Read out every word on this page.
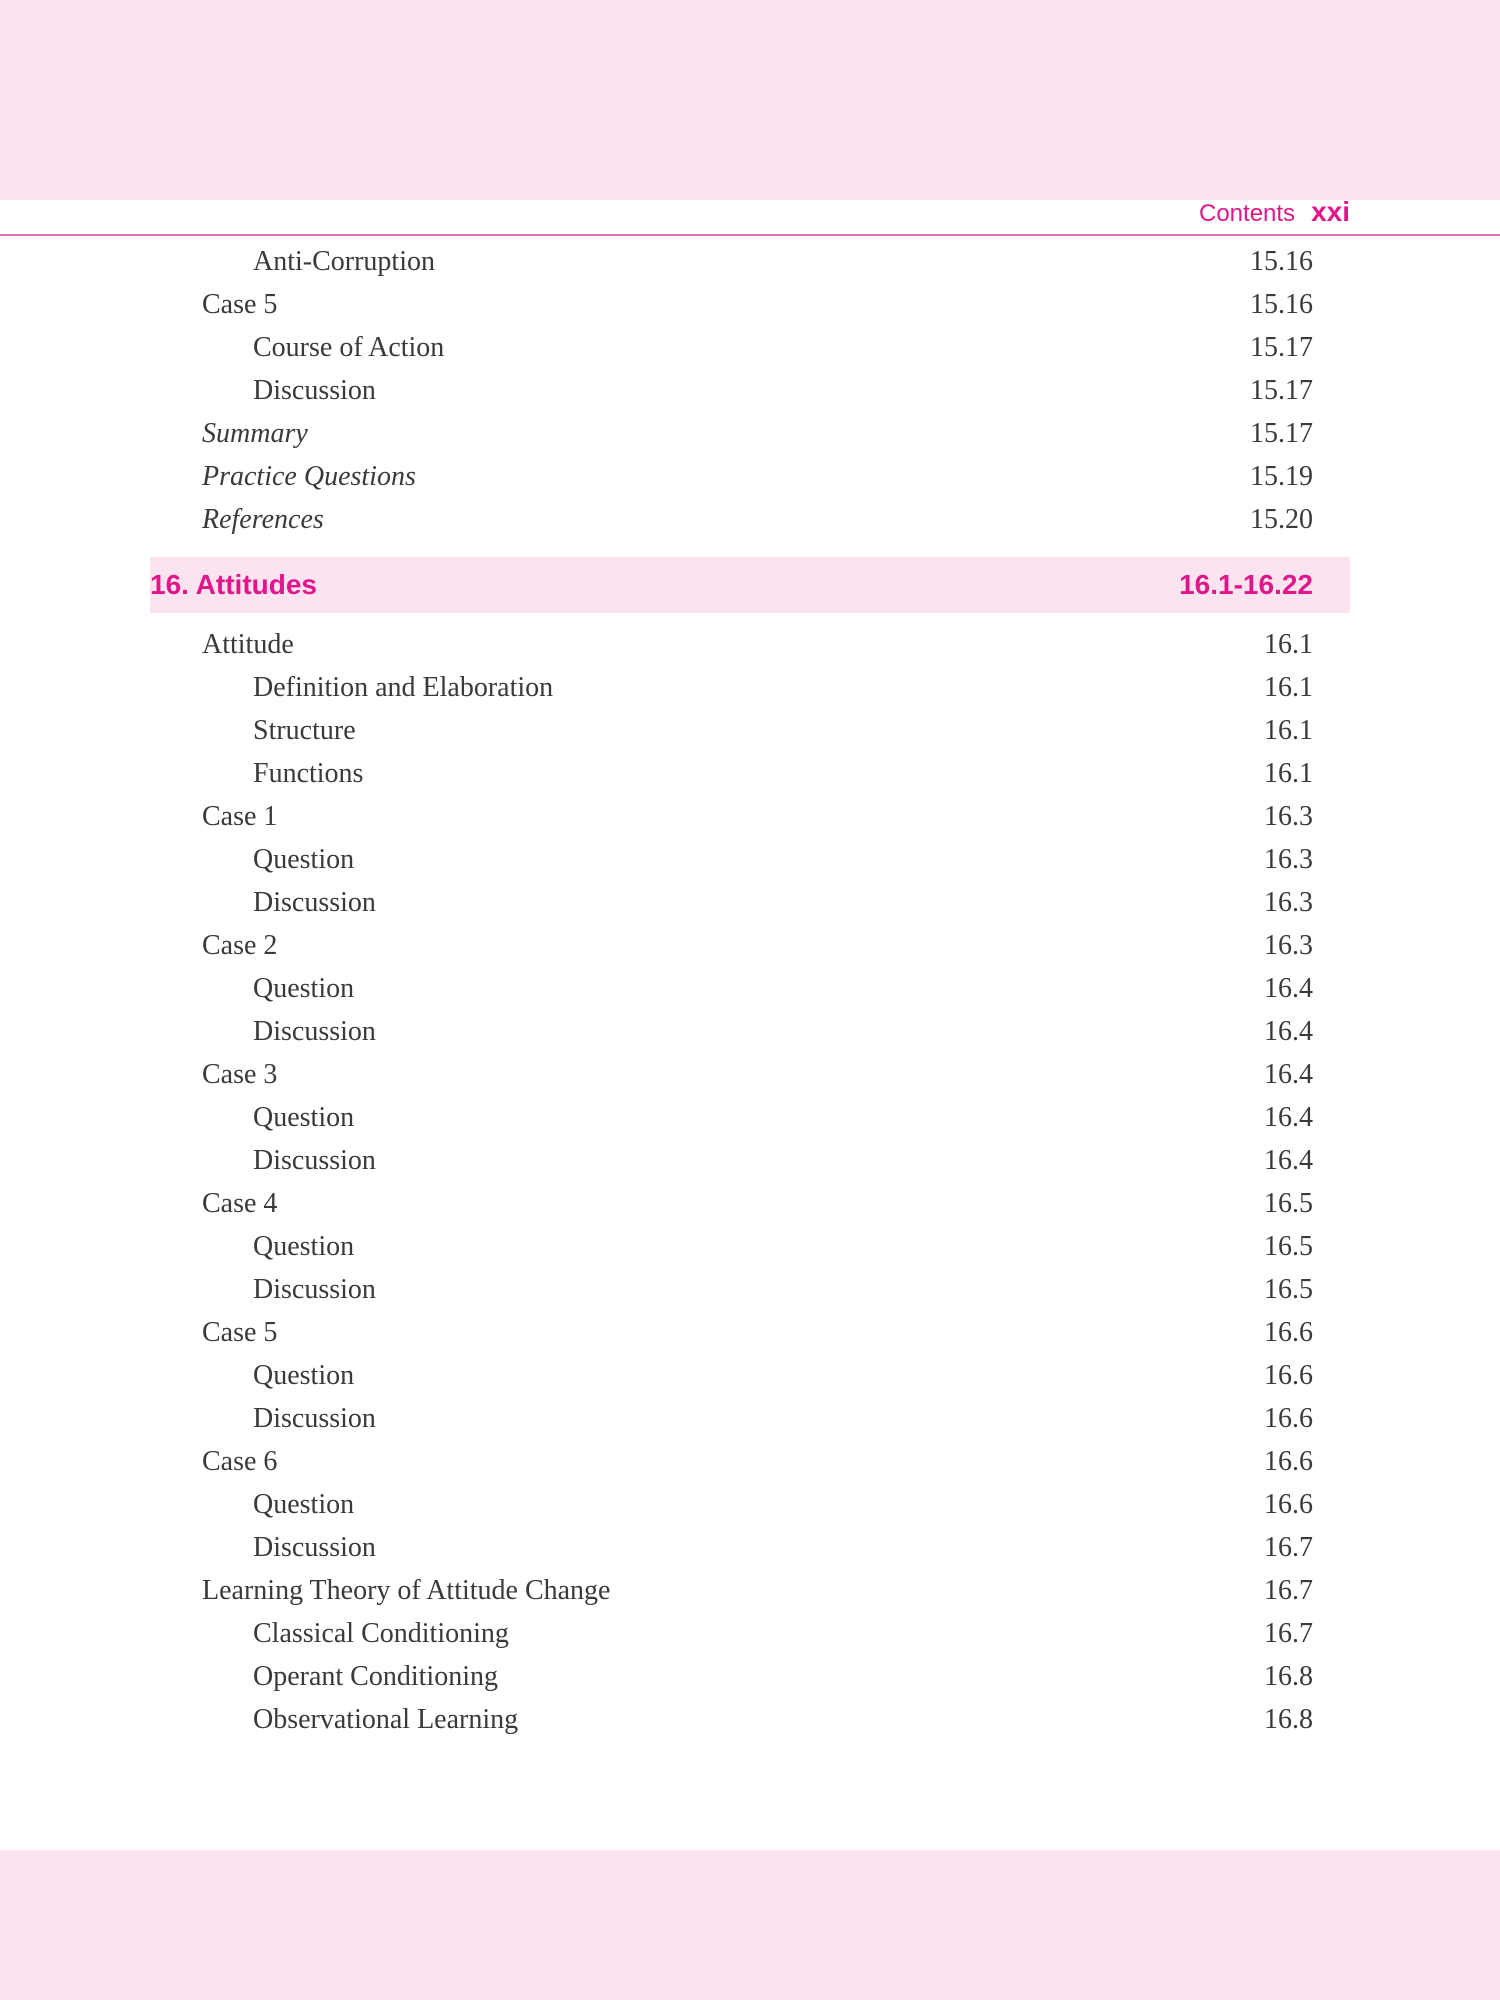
Contents xxi
Anti-Corruption	15.16
Case 5	15.16
Course of Action	15.17
Discussion	15.17
Summary	15.17
Practice Questions	15.19
References	15.20
16. Attitudes	16.1-16.22
Attitude	16.1
Definition and Elaboration	16.1
Structure	16.1
Functions	16.1
Case 1	16.3
Question	16.3
Discussion	16.3
Case 2	16.3
Question	16.4
Discussion	16.4
Case 3	16.4
Question	16.4
Discussion	16.4
Case 4	16.5
Question	16.5
Discussion	16.5
Case 5	16.6
Question	16.6
Discussion	16.6
Case 6	16.6
Question	16.6
Discussion	16.7
Learning Theory of Attitude Change	16.7
Classical Conditioning	16.7
Operant Conditioning	16.8
Observational Learning	16.8
